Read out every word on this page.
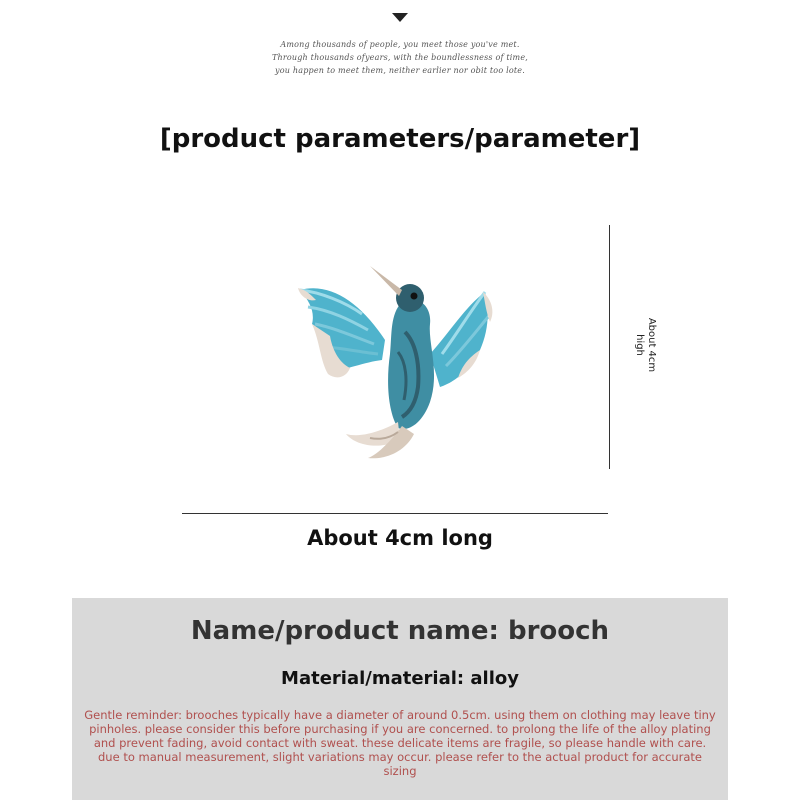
Among thousands of people, you meet those you've met.
Through thousands ofyears, with the boundlessness of time,
you happen to meet them, neither earlier nor obit too lote.
[product parameters/parameter]
About 4cm high
About 4cm long
Name/product name: brooch
Material/material: alloy
Gentle reminder: brooches typically have a diameter of around 0.5cm. using them on clothing may leave tiny pinholes. please consider this before purchasing if you are concerned. to prolong the life of the alloy plating and prevent fading, avoid contact with sweat. these delicate items are fragile, so please handle with care. due to manual measurement, slight variations may occur. please refer to the actual product for accurate sizing
